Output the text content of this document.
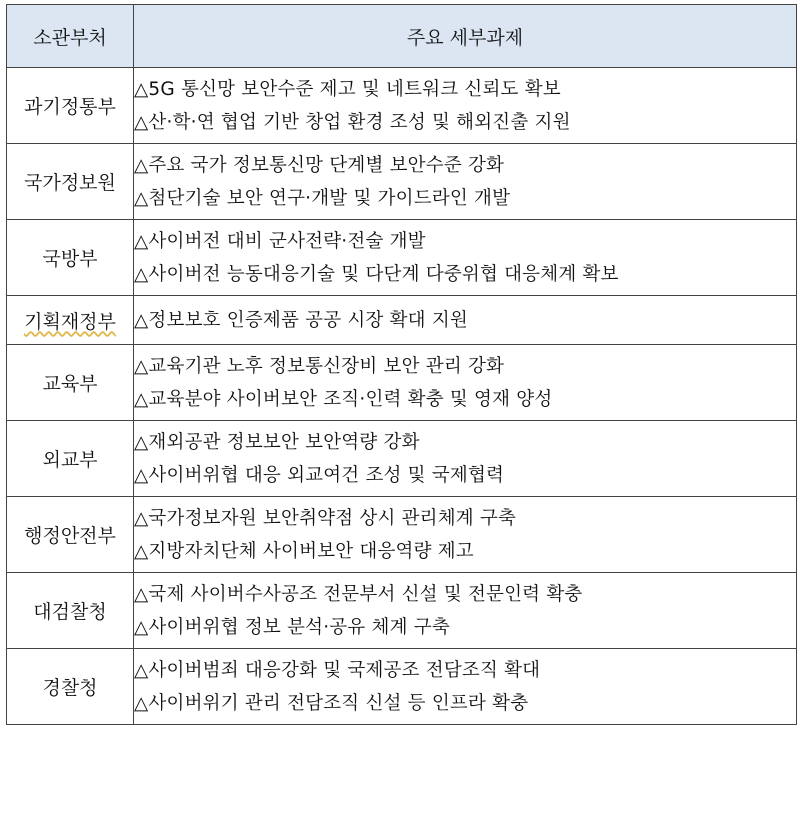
소관부처	주요 세부과제
과기정통부	△5G 통신망 보안수준 제고 및 네트워크 신뢰도 확보
△산·학·연 협업 기반 창업 환경 조성 및 해외진출 지원

국가정보원	△주요 국가 정보통신망 단계별 보안수준 강화
△첨단기술 보안 연구·개발 및 가이드라인 개발

국방부	△사이버전 대비 군사전략·전술 개발
△사이버전 능동대응기술 및 다단계 다중위협 대응체계 확보

기획재정부	△정보보호 인증제품 공공 시장 확대 지원

교육부	△교육기관 노후 정보통신장비 보안 관리 강화
△교육분야 사이버보안 조직·인력 확충 및 영재 양성

외교부	△재외공관 정보보안 보안역량 강화
△사이버위협 대응 외교여건 조성 및 국제협력

행정안전부	△국가정보자원 보안취약점 상시 관리체계 구축
△지방자치단체 사이버보안 대응역량 제고

대검찰청	△국제 사이버수사공조 전문부서 신설 및 전문인력 확충
△사이버위협 정보 분석·공유 체계 구축

경찰청	△사이버범죄 대응강화 및 국제공조 전담조직 확대
△사이버위기 관리 전담조직 신설 등 인프라 확충
